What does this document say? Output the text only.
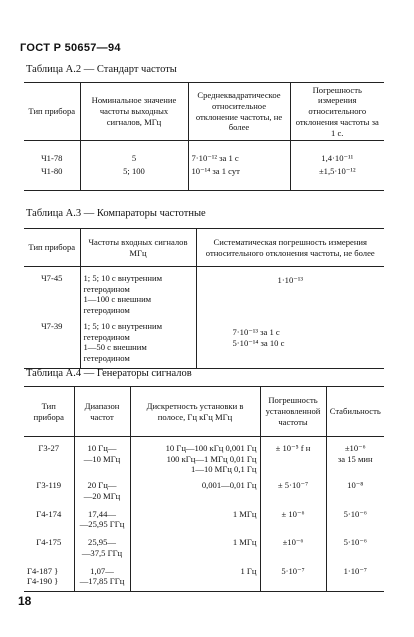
ГОСТ Р 50657—94
Таблица А.2 — Стандарт частоты
Тип прибора	Номинальное значение частоты выходных сигналов, МГц	Среднеквадратическое относительное отклонение частоты, не более	Погрешность измерения относительного отклонения частоты за 1 с.
Ч1-78	5	7·10⁻¹² за 1 с	1,4·10⁻¹¹
Ч1-80	5; 100	10⁻¹⁴ за 1 сут	±1,5·10⁻¹²
Таблица А.3 — Компараторы частотные
Тип прибора	Частоты входных сигналов МГц	Систематическая погрешность измерения относительного отклонения частоты, не более
Ч7-45	1; 5; 10 с внутренним гетеродином
1—100 с внешним гетеродином	1·10⁻¹³
Ч7-39	1; 5; 10 с внутренним гетеродином
1—50 с внешним гетеродином	7·10⁻¹³ за 1 с
5·10⁻¹⁴ за 10 с
Таблица А.4 — Генераторы сигналов
Тип прибора	Диапазон частот	Дискретность установки в полосе, Гц кГц МГц	Погрешность установленной частоты	Стабильность
Г3-27	10 Гц—
—10 МГц	10 Гц—100 кГц 0,001 Гц
100 кГц—1 МГц 0,01 Гц
1—10 МГц 0,1 Гц	± 10⁻⁵ f н	±10⁻⁶
за 15 мин
Г3-119	20 Гц—
—20 МГц	0,001—0,01 Гц	± 5·10⁻⁷	10⁻⁸
Г4-174	17,44—
—25,95 ГГц	1 МГц	± 10⁻⁶	5·10⁻⁶
Г4-175	25,95—
—37,5 ГГц	1 МГц	±10⁻⁶	5·10⁻⁶
Г4-187 }
Г4-190 }	1,07—
—17,85 ГГц	1 Гц	5·10⁻⁷	1·10⁻⁷
18
